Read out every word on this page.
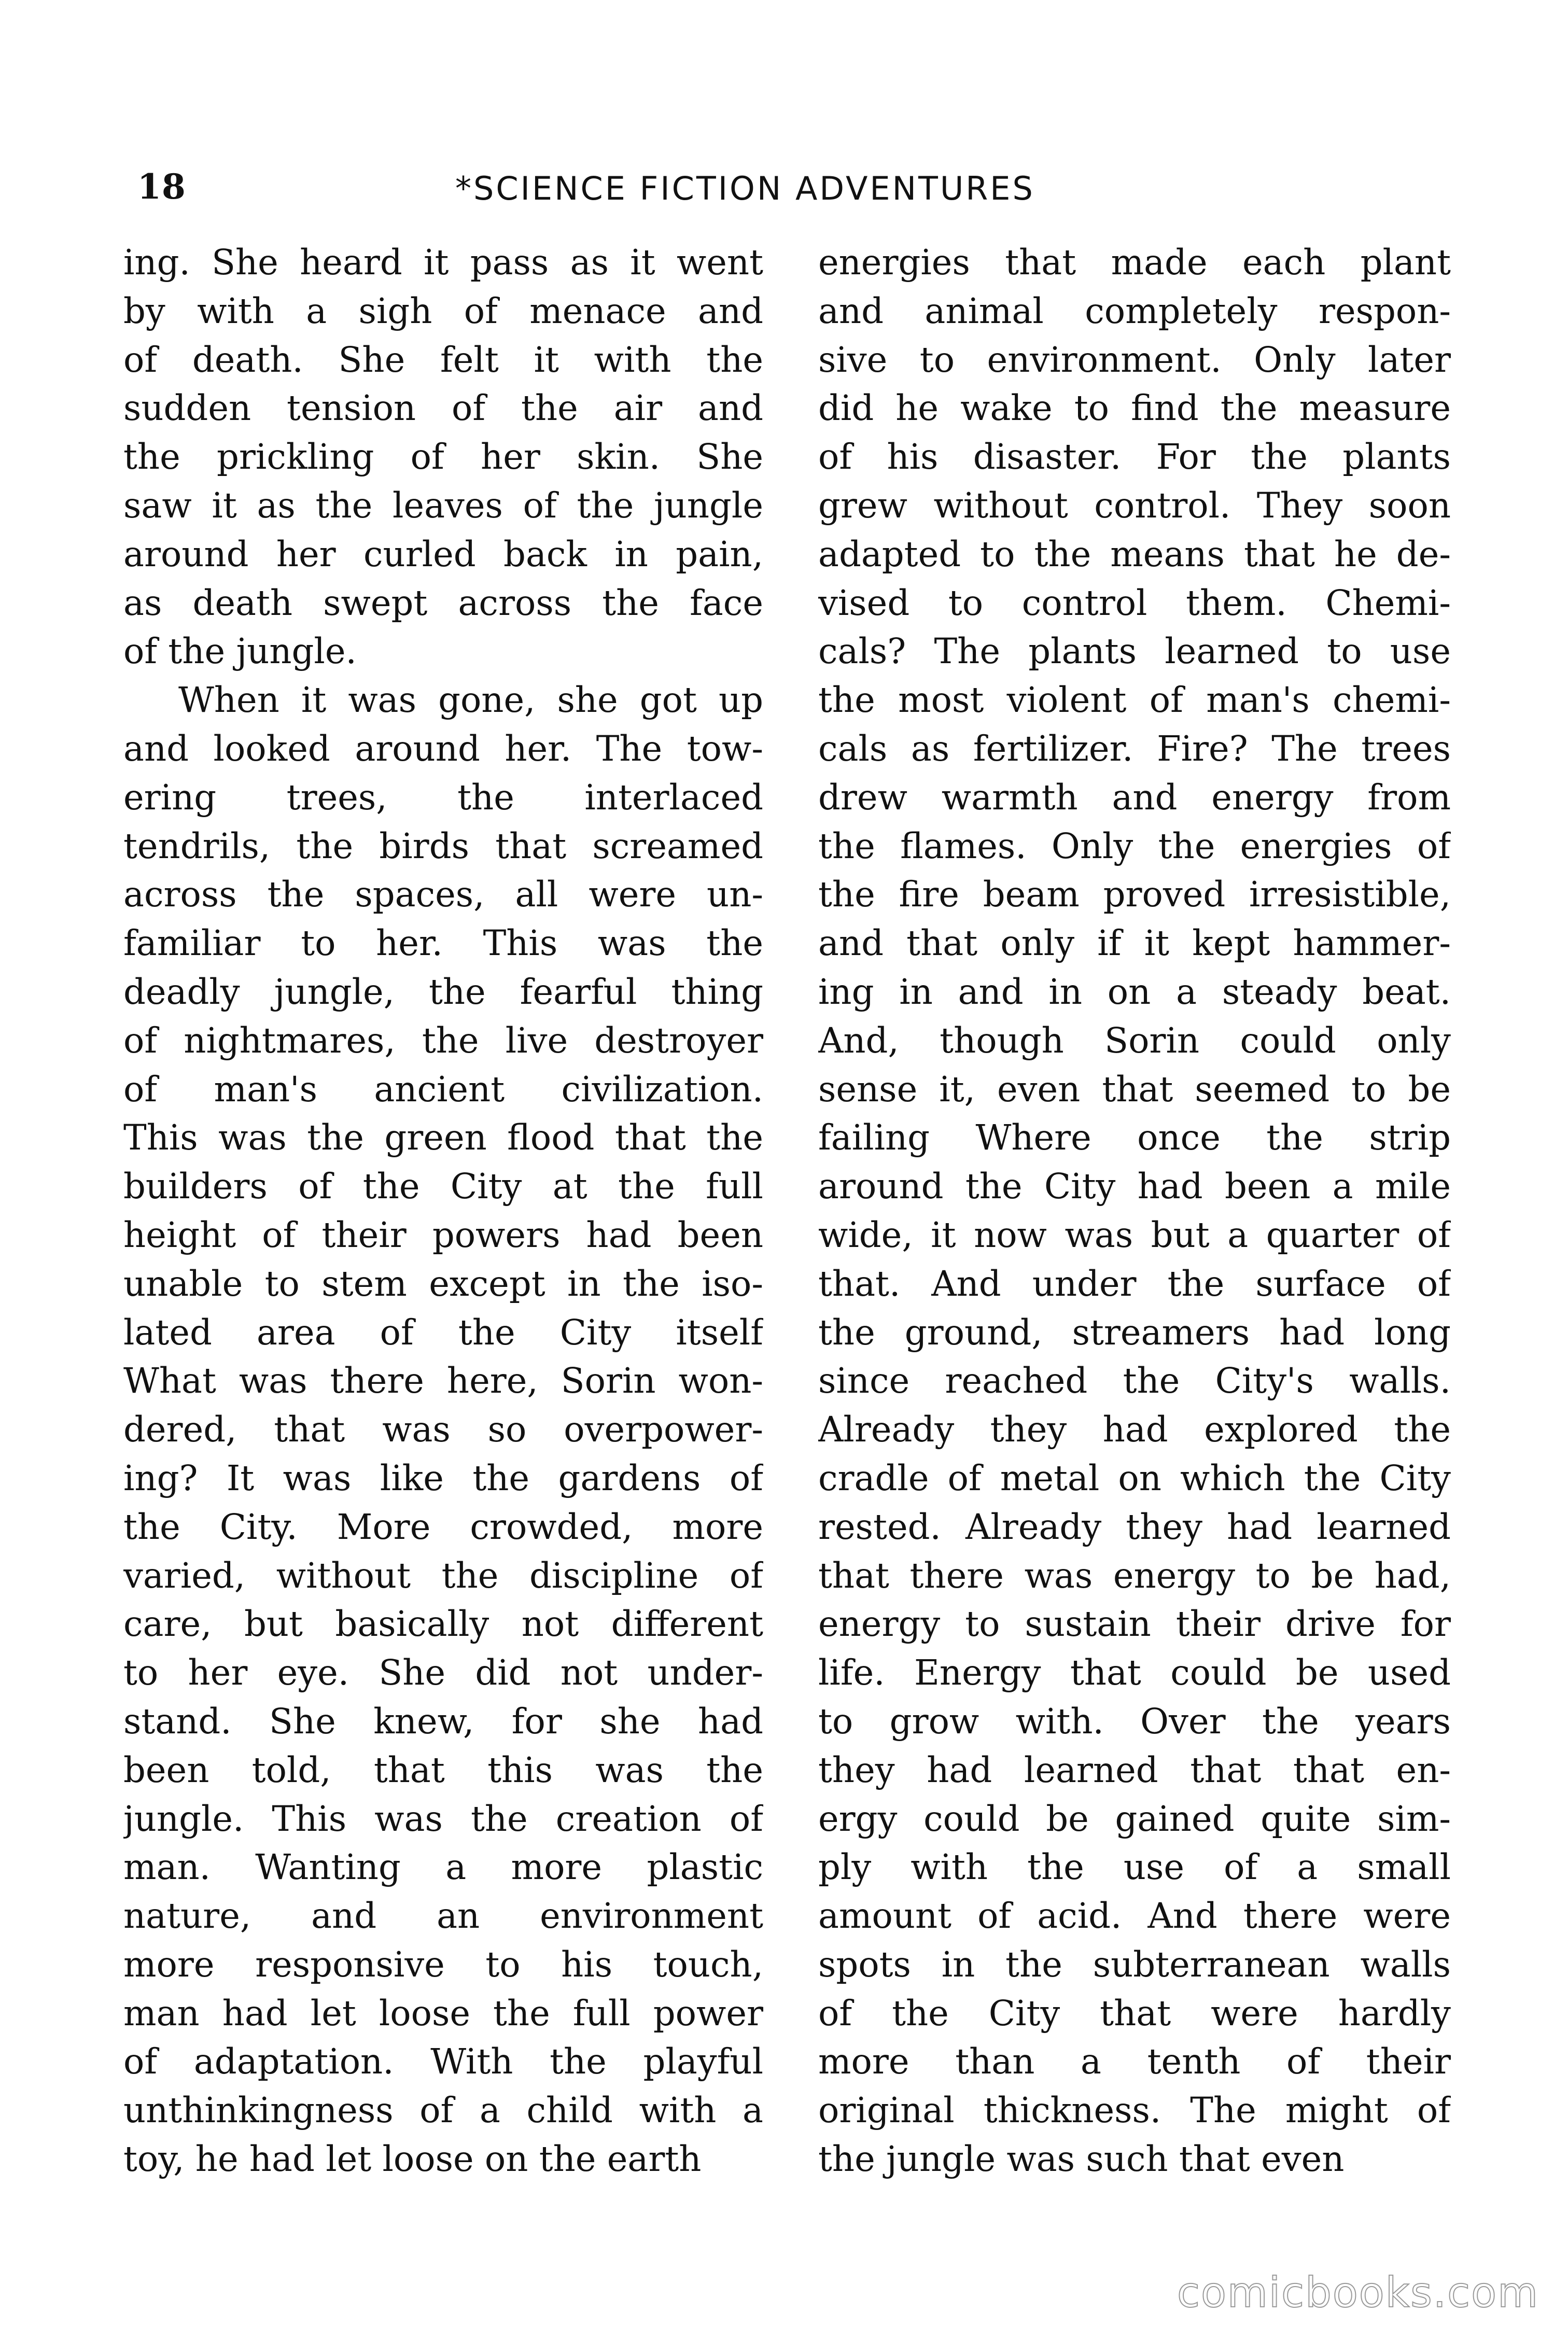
18	*SCIENCE FICTION ADVENTURES
ing. She heard it pass as it went
by with a sigh of menace and
of death. She felt it with the
sudden tension of the air and
the prickling of her skin. She
saw it as the leaves of the jungle
around her curled back in pain,
as death swept across the face
of the jungle.
When it was gone, she got up
and looked around her. The tow-
ering trees, the interlaced
tendrils, the birds that screamed
across the spaces, all were un-
familiar to her. This was the
deadly jungle, the fearful thing
of nightmares, the live destroyer
of man's ancient civilization.
This was the green flood that the
builders of the City at the full
height of their powers had been
unable to stem except in the iso-
lated area of the City itself
What was there here, Sorin won-
dered, that was so overpower-
ing? It was like the gardens of
the City. More crowded, more
varied, without the discipline of
care, but basically not different
to her eye. She did not under-
stand. She knew, for she had
been told, that this was the
jungle. This was the creation of
man. Wanting a more plastic
nature, and an environment
more responsive to his touch,
man had let loose the full power
of adaptation. With the playful
unthinkingness of a child with a
toy, he had let loose on the earth
energies that made each plant
and animal completely respon-
sive to environment. Only later
did he wake to find the measure
of his disaster. For the plants
grew without control. They soon
adapted to the means that he de-
vised to control them. Chemi-
cals? The plants learned to use
the most violent of man's chemi-
cals as fertilizer. Fire? The trees
drew warmth and energy from
the flames. Only the energies of
the fire beam proved irresistible,
and that only if it kept hammer-
ing in and in on a steady beat.
And, though Sorin could only
sense it, even that seemed to be
failing Where once the strip
around the City had been a mile
wide, it now was but a quarter of
that. And under the surface of
the ground, streamers had long
since reached the City's walls.
Already they had explored the
cradle of metal on which the City
rested. Already they had learned
that there was energy to be had,
energy to sustain their drive for
life. Energy that could be used
to grow with. Over the years
they had learned that that en-
ergy could be gained quite sim-
ply with the use of a small
amount of acid. And there were
spots in the subterranean walls
of the City that were hardly
more than a tenth of their
original thickness. The might of
the jungle was such that even
comicbooks.com
